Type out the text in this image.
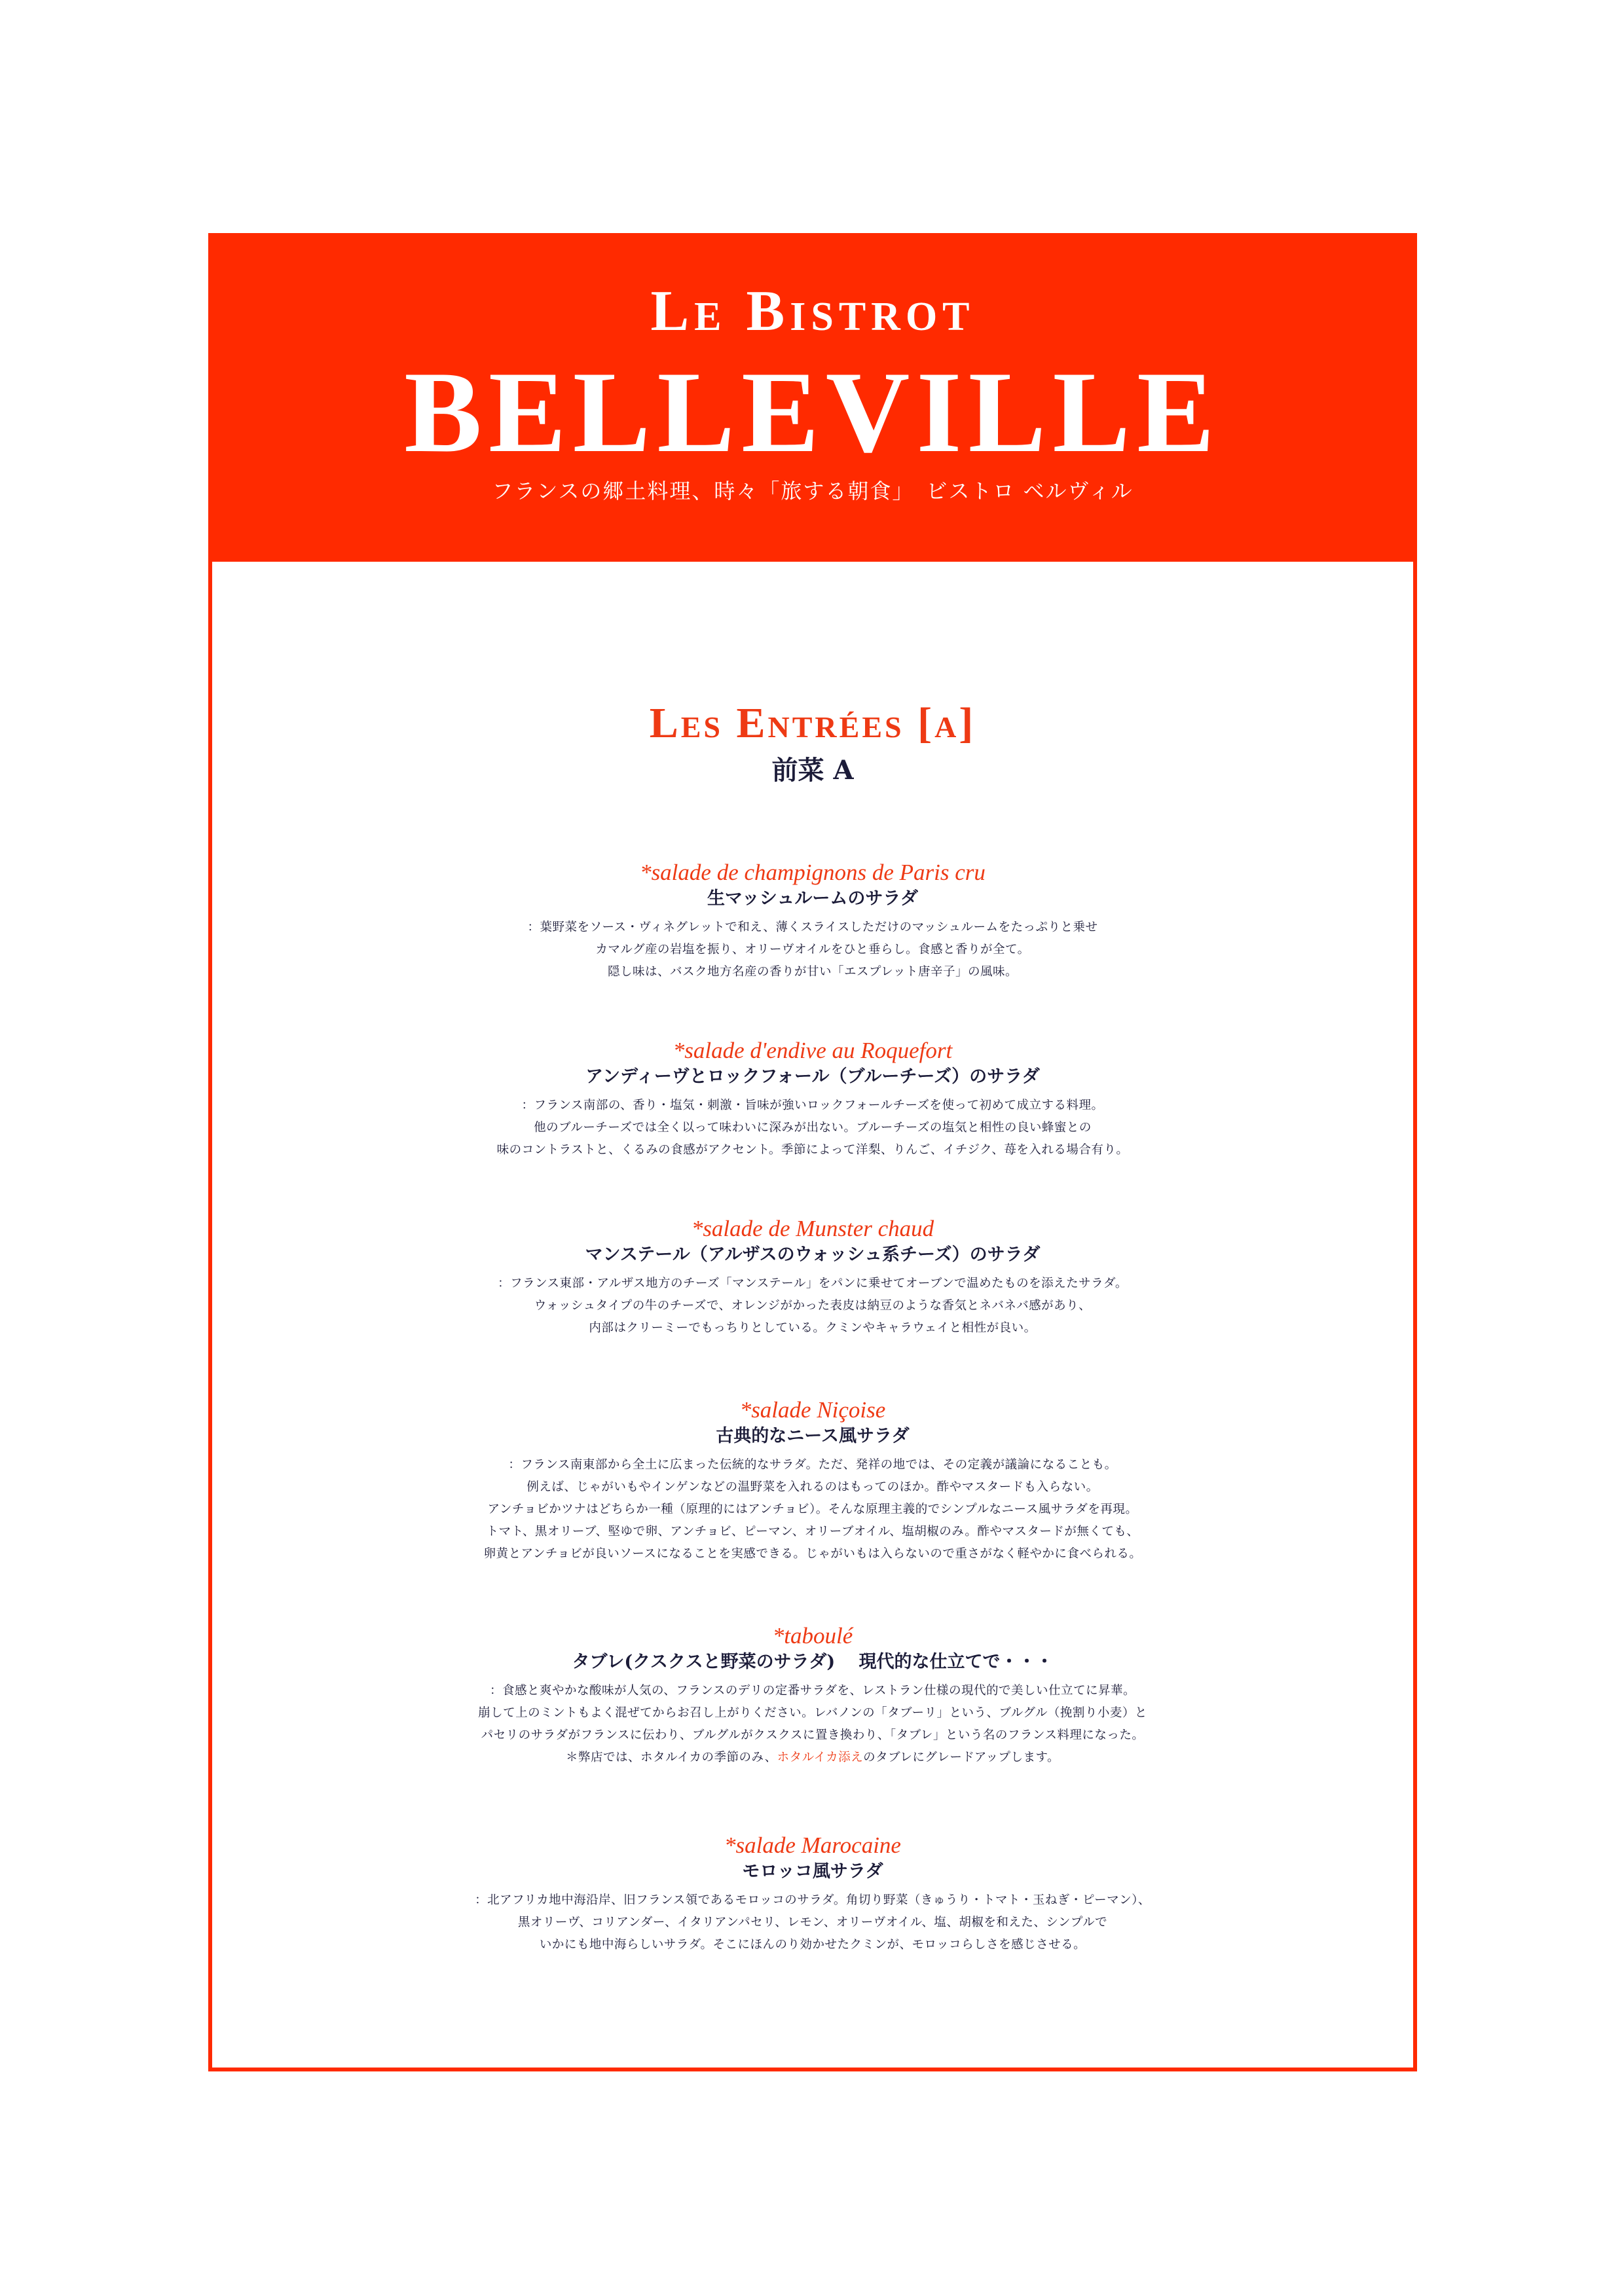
Le Bistrot
BELLEVILLE
フランスの郷土料理、時々「旅する朝食」　ビストロ ベルヴィル
Les Entrées [a]
前菜 A

*salade de champignons de Paris cru

生マッシュルームのサラダ

：葉野菜をソース・ヴィネグレットで和え、薄くスライスしただけのマッシュルームをたっぷりと乗せ
カマルグ産の岩塩を振り、オリーヴオイルをひと垂らし。食感と香りが全て。
隠し味は、バスク地方名産の香りが甘い「エスプレット唐辛子」の風味。

*salade d'endive au Roquefort

アンディーヴとロックフォール（ブルーチーズ）のサラダ

：フランス南部の、香り・塩気・刺激・旨味が強いロックフォールチーズを使って初めて成立する料理。
他のブルーチーズでは全く以って味わいに深みが出ない。ブルーチーズの塩気と相性の良い蜂蜜との
味のコントラストと、くるみの食感がアクセント。季節によって洋梨、りんご、イチジク、苺を入れる場合有り。

*salade de Munster chaud

マンステール（アルザスのウォッシュ系チーズ）のサラダ

：フランス東部・アルザス地方のチーズ「マンステール」をパンに乗せてオーブンで温めたものを添えたサラダ。
ウォッシュタイプの牛のチーズで、オレンジがかった表皮は納豆のような香気とネバネバ感があり、
内部はクリーミーでもっちりとしている。クミンやキャラウェイと相性が良い。

*salade Niçoise

古典的なニース風サラダ

：フランス南東部から全土に広まった伝統的なサラダ。ただ、発祥の地では、その定義が議論になることも。
例えば、じゃがいもやインゲンなどの温野菜を入れるのはもってのほか。酢やマスタードも入らない。
アンチョビかツナはどちらか一種（原理的にはアンチョビ）。そんな原理主義的でシンプルなニース風サラダを再現。
トマト、黒オリーブ、堅ゆで卵、アンチョビ、ピーマン、オリーブオイル、塩胡椒のみ。酢やマスタードが無くても、
卵黄とアンチョビが良いソースになることを実感できる。じゃがいもは入らないので重さがなく軽やかに食べられる。

*taboulé

タブレ(クスクスと野菜のサラダ)　 現代的な仕立てで・・・

：食感と爽やかな酸味が人気の、フランスのデリの定番サラダを、レストラン仕様の現代的で美しい仕立てに昇華。
崩して上のミントもよく混ぜてからお召し上がりください。レバノンの「タブーリ」という、ブルグル（挽割り小麦）と
パセリのサラダがフランスに伝わり、ブルグルがクスクスに置き換わり、「タブレ」という名のフランス料理になった。
＊弊店では、ホタルイカの季節のみ、ホタルイカ添えのタブレにグレードアップします。

*salade Marocaine

モロッコ風サラダ

：北アフリカ地中海沿岸、旧フランス領であるモロッコのサラダ。角切り野菜（きゅうり・トマト・玉ねぎ・ピーマン）、
黒オリーヴ、コリアンダー、イタリアンパセリ、レモン、オリーヴオイル、塩、胡椒を和えた、シンプルで
いかにも地中海らしいサラダ。そこにほんのり効かせたクミンが、モロッコらしさを感じさせる。
